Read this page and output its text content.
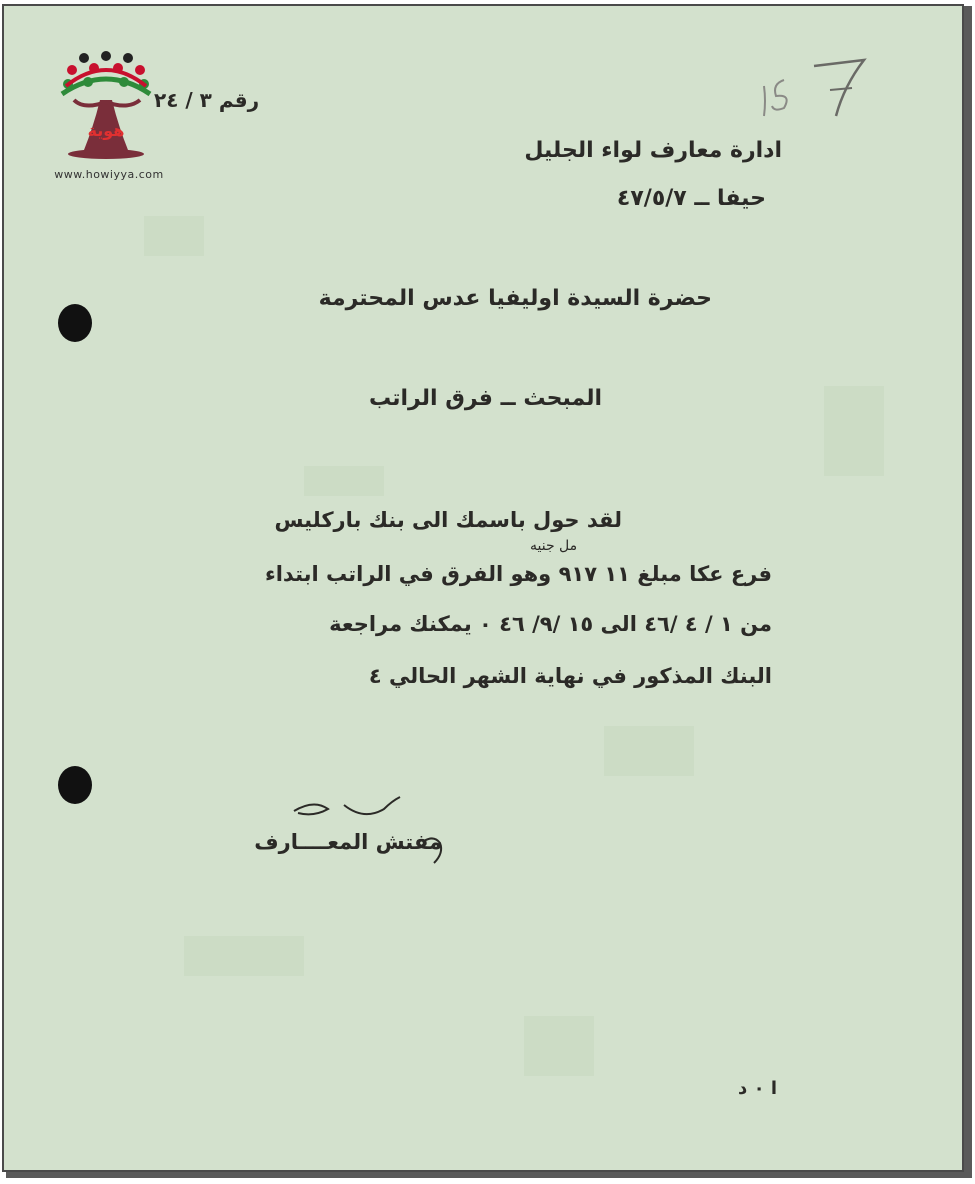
هوية
www.howiyya.com
رقم ٣ / ٢٤
ادارة معارف لواء الجليل
حيفا ــ ٤٧/٥/٧
حضرة السيدة اوليفيا عدس المحترمة
المبحث ــ فرق الراتب
لقد حول باسمك الى بنك باركليس
مل جنيه
فرع عكا مبلغ ١١ ٩١٧ وهو الفرق في الراتب ابتداء
من ١ / ٤ /٤٦ الى ١٥ /٩/ ٤٦ ٠ يمكنك مراجعة
البنك المذكور في نهاية الشهر الحالي ٤
مفتش المعــــارف
ا ٠ د
